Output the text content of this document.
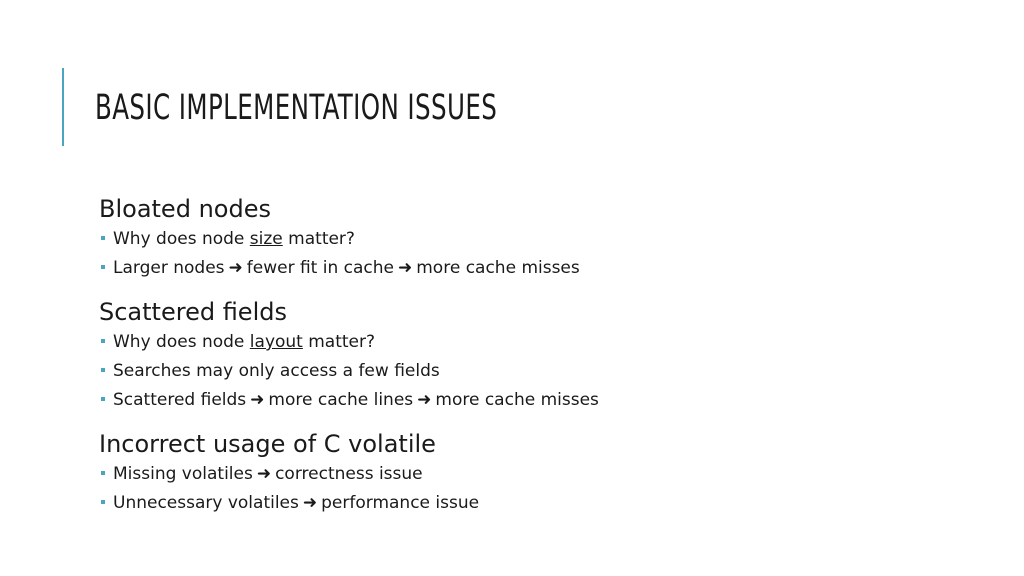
BASIC IMPLEMENTATION ISSUES
Bloated nodes
Why does node size matter?
Larger nodes ➜ fewer fit in cache ➜ more cache misses
Scattered fields
Why does node layout matter?
Searches may only access a few fields
Scattered fields ➜ more cache lines ➜ more cache misses
Incorrect usage of C volatile
Missing volatiles ➜ correctness issue
Unnecessary volatiles ➜ performance issue
